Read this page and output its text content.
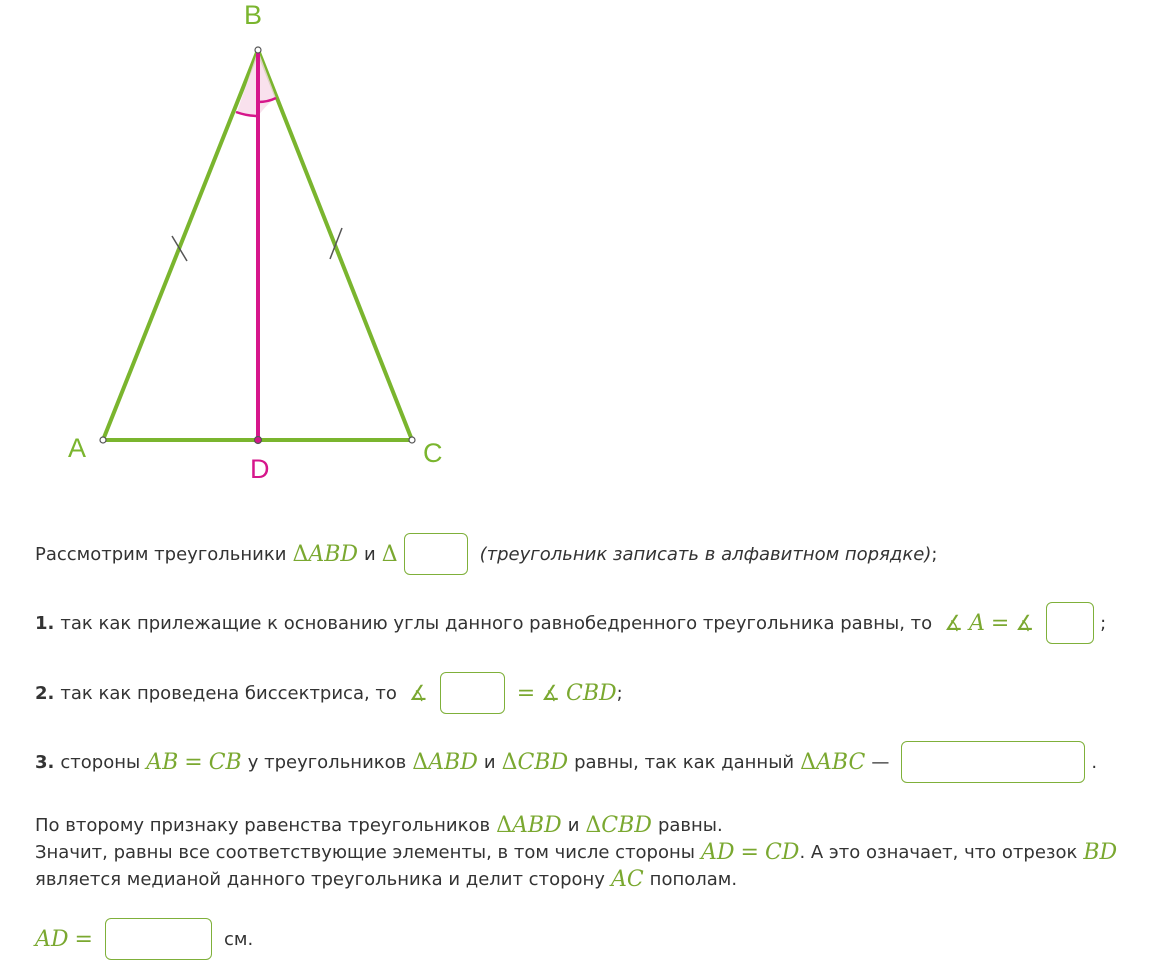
B
A	C
D
Рассмотрим треугольники Δ ABD и Δ	(треугольник записать в алфавитном порядке) ;
1. так как прилежащие к основанию углы данного равнобедренного треугольника равны, то ∡ A = ∡	;
2. так как проведена биссектриса, то ∡	= ∡ CBD ;
3. стороны AB = CB у треугольников Δ ABD и Δ CBD равны, так как данный Δ ABC —	.
По второму признаку равенства треугольников Δ ABD и Δ CBD равны.
Значит, равны все соответствующие элементы, в том числе стороны AD = CD . А это означает, что отрезок BD
является медианой данного треугольника и делит сторону AC пополам.
AD =	см.
